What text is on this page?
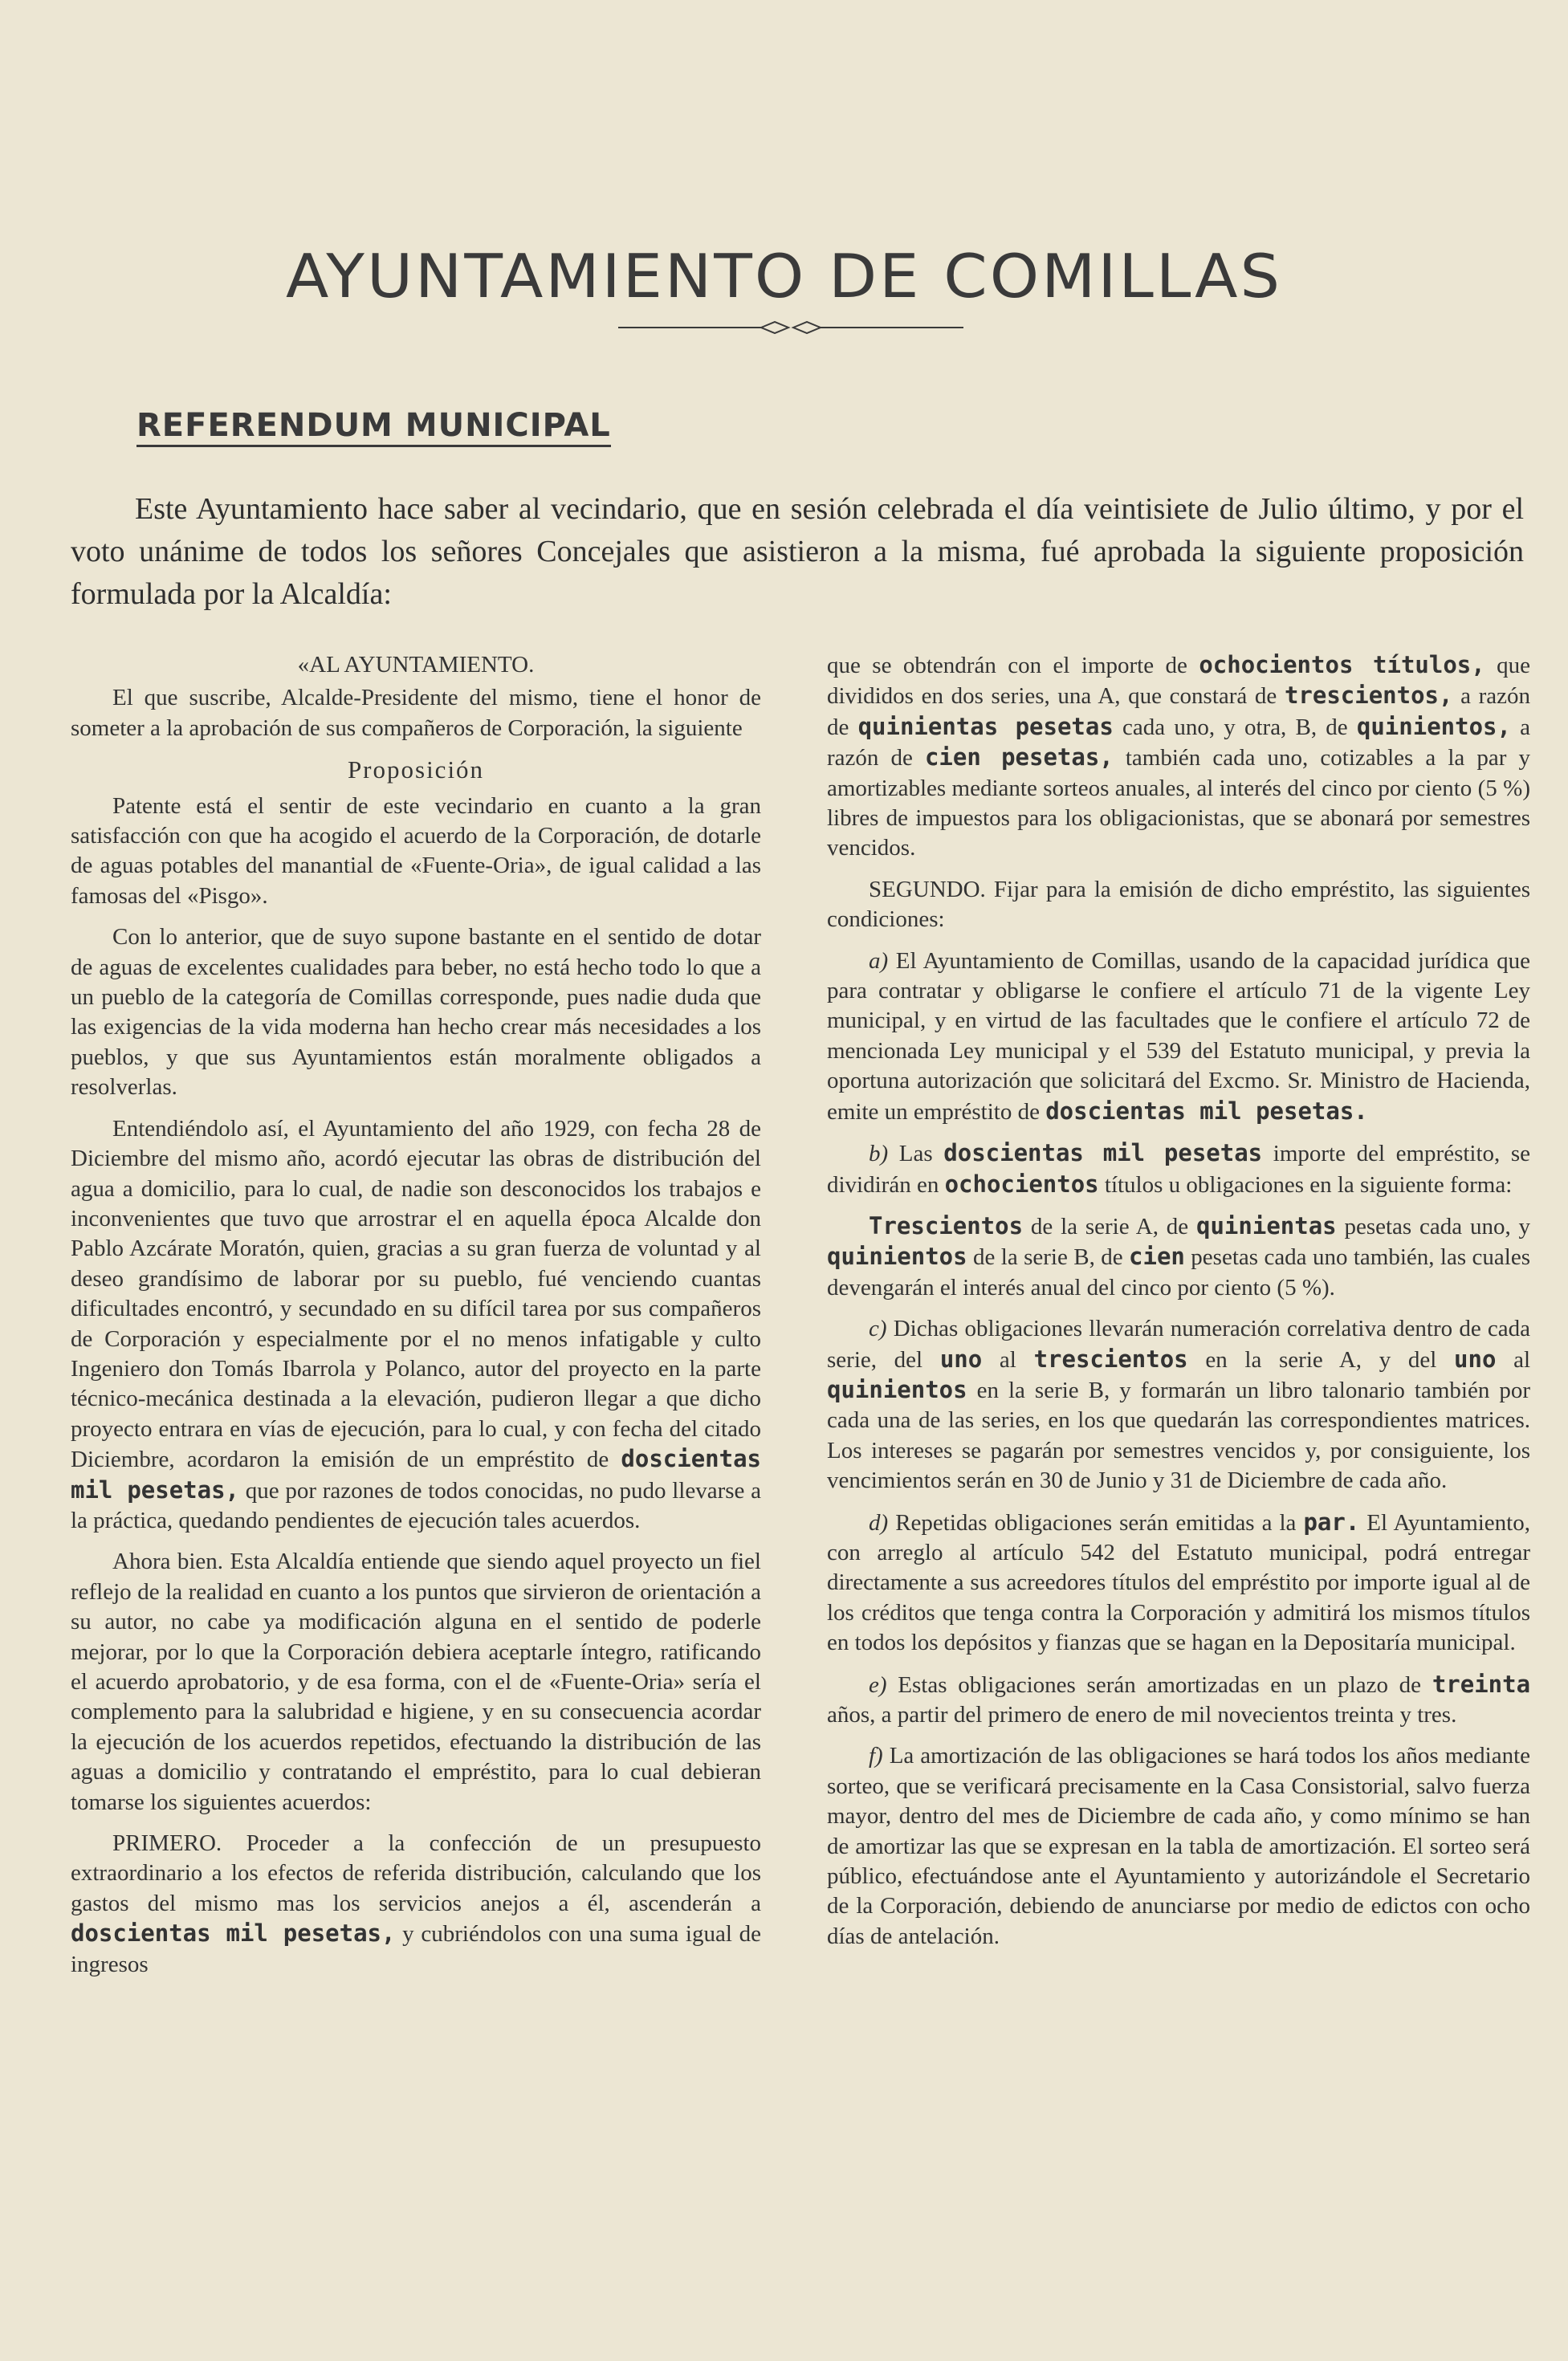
AYUNTAMIENTO DE COMILLAS
REFERENDUM MUNICIPAL
Este Ayuntamiento hace saber al vecindario, que en sesión celebrada el día veintisiete de Julio último, y por el voto unánime de todos los señores Concejales que asistieron a la misma, fué aprobada la siguiente proposición formulada por la Alcaldía:
«AL AYUNTAMIENTO.

El que suscribe, Alcalde-Presidente del mismo, tiene el honor de someter a la aprobación de sus compañeros de Corporación, la siguiente

Proposición

Patente está el sentir de este vecindario en cuanto a la gran satisfacción con que ha acogido el acuerdo de la Corporación, de dotarle de aguas potables del manantial de «Fuente-Oria», de igual calidad a las famosas del «Pisgo».

Con lo anterior, que de suyo supone bastante en el sentido de dotar de aguas de excelentes cualidades para beber, no está hecho todo lo que a un pueblo de la categoría de Comillas corresponde, pues nadie duda que las exigencias de la vida moderna han hecho crear más necesidades a los pueblos, y que sus Ayuntamientos están moralmente obligados a resolverlas.

Entendiéndolo así, el Ayuntamiento del año 1929, con fecha 28 de Diciembre del mismo año, acordó ejecutar las obras de distribución del agua a domicilio, para lo cual, de nadie son desconocidos los trabajos e inconvenientes que tuvo que arrostrar el en aquella época Alcalde don Pablo Azcárate Moratón, quien, gracias a su gran fuerza de voluntad y al deseo grandísimo de laborar por su pueblo, fué venciendo cuantas dificultades encontró, y secundado en su difícil tarea por sus compañeros de Corporación y especialmente por el no menos infatigable y culto Ingeniero don Tomás Ibarrola y Polanco, autor del proyecto en la parte técnico-mecánica destinada a la elevación, pudieron llegar a que dicho proyecto entrara en vías de ejecución, para lo cual, y con fecha del citado Diciembre, acordaron la emisión de un empréstito de doscientas mil pesetas, que por razones de todos conocidas, no pudo llevarse a la práctica, quedando pendientes de ejecución tales acuerdos.

Ahora bien. Esta Alcaldía entiende que siendo aquel proyecto un fiel reflejo de la realidad en cuanto a los puntos que sirvieron de orientación a su autor, no cabe ya modificación alguna en el sentido de poderle mejorar, por lo que la Corporación debiera aceptarle íntegro, ratificando el acuerdo aprobatorio, y de esa forma, con el de «Fuente-Oria» sería el complemento para la salubridad e higiene, y en su consecuencia acordar la ejecución de los acuerdos repetidos, efectuando la distribución de las aguas a domicilio y contratando el empréstito, para lo cual debieran tomarse los siguientes acuerdos:

PRIMERO. Proceder a la confección de un presupuesto extraordinario a los efectos de referida distribución, calculando que los gastos del mismo mas los servicios anejos a él, ascenderán a doscientas mil pesetas, y cubriéndolos con una suma igual de ingresos

que se obtendrán con el importe de ochocientos títulos, que divididos en dos series, una A, que constará de trescientos, a razón de quinientas pesetas cada uno, y otra, B, de quinientos, a razón de cien pesetas, también cada uno, cotizables a la par y amortizables mediante sorteos anuales, al interés del cinco por ciento (5 %) libres de impuestos para los obligacionistas, que se abonará por semestres vencidos.

SEGUNDO. Fijar para la emisión de dicho empréstito, las siguientes condiciones:

a) El Ayuntamiento de Comillas, usando de la capacidad jurídica que para contratar y obligarse le confiere el artículo 71 de la vigente Ley municipal, y en virtud de las facultades que le confiere el artículo 72 de mencionada Ley municipal y el 539 del Estatuto municipal, y previa la oportuna autorización que solicitará del Excmo. Sr. Ministro de Hacienda, emite un empréstito de doscientas mil pesetas.

b) Las doscientas mil pesetas importe del empréstito, se dividirán en ochocientos títulos u obligaciones en la siguiente forma:

Trescientos de la serie A, de quinientas pesetas cada uno, y quinientos de la serie B, de cien pesetas cada uno también, las cuales devengarán el interés anual del cinco por ciento (5 %).

c) Dichas obligaciones llevarán numeración correlativa dentro de cada serie, del uno al trescientos en la serie A, y del uno al quinientos en la serie B, y formarán un libro talonario también por cada una de las series, en los que quedarán las correspondientes matrices. Los intereses se pagarán por semestres vencidos y, por consiguiente, los vencimientos serán en 30 de Junio y 31 de Diciembre de cada año.

d) Repetidas obligaciones serán emitidas a la par. El Ayuntamiento, con arreglo al artículo 542 del Estatuto municipal, podrá entregar directamente a sus acreedores títulos del empréstito por importe igual al de los créditos que tenga contra la Corporación y admitirá los mismos títulos en todos los depósitos y fianzas que se hagan en la Depositaría municipal.

e) Estas obligaciones serán amortizadas en un plazo de treinta años, a partir del primero de enero de mil novecientos treinta y tres.

f) La amortización de las obligaciones se hará todos los años mediante sorteo, que se verificará precisamente en la Casa Consistorial, salvo fuerza mayor, dentro del mes de Diciembre de cada año, y como mínimo se han de amortizar las que se expresan en la tabla de amortización. El sorteo será público, efectuándose ante el Ayuntamiento y autorizándole el Secretario de la Corporación, debiendo de anunciarse por medio de edictos con ocho días de antelación.
